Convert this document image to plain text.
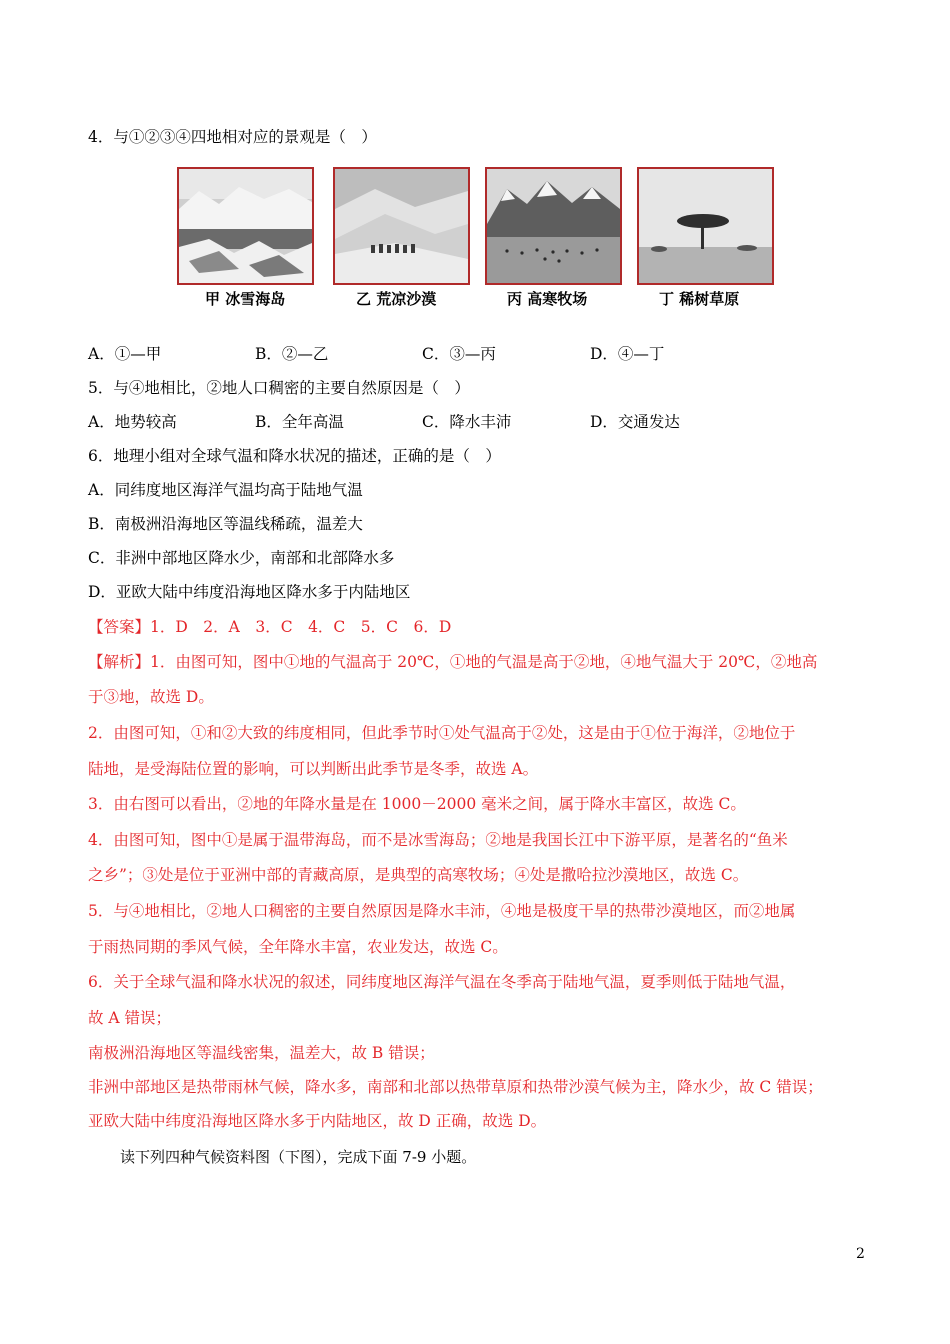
4．与①②③④四地相对应的景观是（　）
甲 冰雪海岛	乙 荒凉沙漠	丙 高寒牧场	丁 稀树草原
A．①—甲	B．②—乙	C．③—丙	D．④—丁
5．与④地相比，②地人口稠密的主要自然原因是（　）
A．地势较高	B．全年高温	C．降水丰沛	D．交通发达
6．地理小组对全球气温和降水状况的描述，正确的是（　）
A．同纬度地区海洋气温均高于陆地气温
B．南极洲沿海地区等温线稀疏，温差大
C．非洲中部地区降水少，南部和北部降水多
D．亚欧大陆中纬度沿海地区降水多于内陆地区
【答案】1．D　2．A　3．C　4．C　5．C　6．D
【解析】1．由图可知，图中①地的气温高于 20℃，①地的气温是高于②地，④地气温大于 20℃，②地高
于③地，故选 D。
2．由图可知，①和②大致的纬度相同，但此季节时①处气温高于②处，这是由于①位于海洋，②地位于
陆地，是受海陆位置的影响，可以判断出此季节是冬季，故选 A。
3．由右图可以看出，②地的年降水量是在 1000－2000 毫米之间，属于降水丰富区，故选 C。
4．由图可知，图中①是属于温带海岛，而不是冰雪海岛；②地是我国长江中下游平原，是著名的“鱼米
之乡”；③处是位于亚洲中部的青藏高原，是典型的高寒牧场；④处是撒哈拉沙漠地区，故选 C。
5．与④地相比，②地人口稠密的主要自然原因是降水丰沛，④地是极度干旱的热带沙漠地区，而②地属
于雨热同期的季风气候，全年降水丰富，农业发达，故选 C。
6．关于全球气温和降水状况的叙述，同纬度地区海洋气温在冬季高于陆地气温，夏季则低于陆地气温，
故 A 错误；
南极洲沿海地区等温线密集，温差大，故 B 错误；
非洲中部地区是热带雨林气候，降水多，南部和北部以热带草原和热带沙漠气候为主，降水少，故 C 错误；
亚欧大陆中纬度沿海地区降水多于内陆地区，故 D 正确，故选 D。
读下列四种气候资料图（下图），完成下面 7-9 小题。
2
